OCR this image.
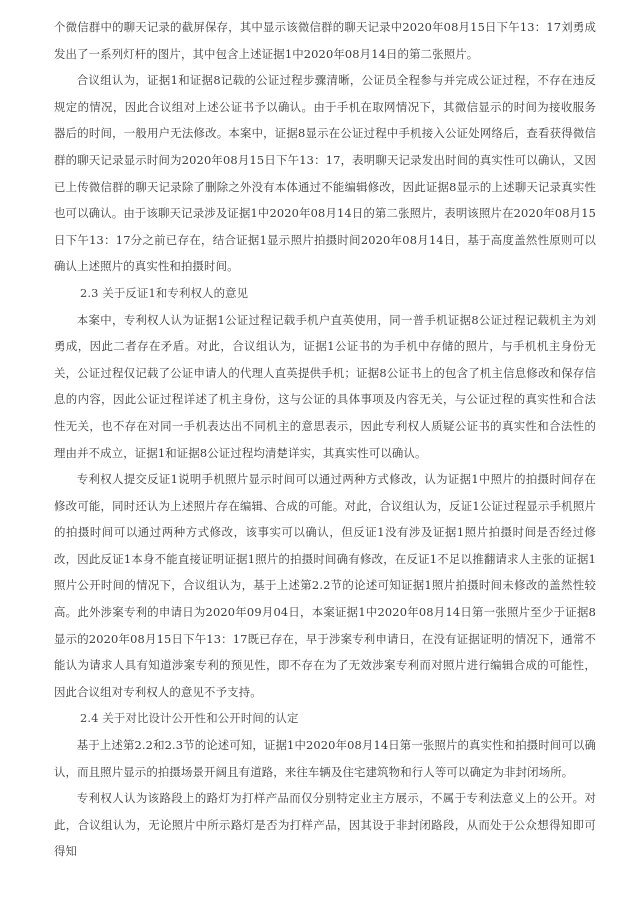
个微信群中的聊天记录的截屏保存，其中显示该微信群的聊天记录中2020年08月15日下午13：17刘勇成发出了一系列灯杆的图片，其中包含上述证据1中2020年08月14日的第二张照片。

合议组认为，证据1和证据8记载的公证过程步骤清晰，公证员全程参与并完成公证过程，不存在违反规定的情况，因此合议组对上述公证书予以确认。由于手机在取网情况下，其微信显示的时间为接收服务器后的时间，一般用户无法修改。本案中，证据8显示在公证过程中手机接入公证处网络后，查看获得微信群的聊天记录显示时间为2020年08月15日下午13：17，表明聊天记录发出时间的真实性可以确认，又因已上传微信群的聊天记录除了删除之外没有本体通过不能编辑修改，因此证据8显示的上述聊天记录真实性也可以确认。由于该聊天记录涉及证据1中2020年08月14日的第二张照片，表明该照片在2020年08月15日下午13：17分之前已存在，结合证据1显示照片拍摄时间2020年08月14日，基于高度盖然性原则可以确认上述照片的真实性和拍摄时间。

2.3 关于反证1和专利权人的意见

本案中，专利权人认为证据1公证过程记载手机户直英使用，同一普手机证据8公证过程记载机主为刘勇成，因此二者存在矛盾。对此，合议组认为，证据1公证书的为手机中存储的照片，与手机机主身份无关，公证过程仅记载了公证申请人的代理人直英提供手机；证据8公证书上的包含了机主信息修改和保存信息的内容，因此公证过程详述了机主身份，这与公证的具体事项及内容无关，与公证过程的真实性和合法性无关，也不存在对同一手机表达出不同机主的意思表示，因此专利权人质疑公证书的真实性和合法性的理由并不成立，证据1和证据8公证过程均清楚详实，其真实性可以确认。

专利权人提交反证1说明手机照片显示时间可以通过两种方式修改，认为证据1中照片的拍摄时间存在修改可能，同时还认为上述照片存在编辑、合成的可能。对此，合议组认为，反证1公证过程显示手机照片的拍摄时间可以通过两种方式修改，该事实可以确认，但反证1没有涉及证据1照片拍摄时间是否经过修改，因此反证1本身不能直接证明证据1照片的拍摄时间确有修改，在反证1不足以推翻请求人主张的证据1照片公开时间的情况下，合议组认为，基于上述第2.2节的论述可知证据1照片拍摄时间未修改的盖然性较高。此外涉案专利的申请日为2020年09月04日，本案证据1中2020年08月14日第一张照片至少于证据8显示的2020年08月15日下午13：17既已存在，早于涉案专利申请日，在没有证据证明的情况下，通常不能认为请求人具有知道涉案专利的预见性，即不存在为了无效涉案专利而对照片进行编辑合成的可能性，因此合议组对专利权人的意见不予支持。

2.4 关于对比设计公开性和公开时间的认定

基于上述第2.2和2.3节的论述可知，证据1中2020年08月14日第一张照片的真实性和拍摄时间可以确认，而且照片显示的拍摄场景开阔且有道路，来往车辆及住宅建筑物和行人等可以确定为非封闭场所。

专利权人认为该路段上的路灯为打样产品而仅分别特定业主方展示，不属于专利法意义上的公开。对此，合议组认为，无论照片中所示路灯是否为打样产品，因其设于非封闭路段，从而处于公众想得知即可得知
